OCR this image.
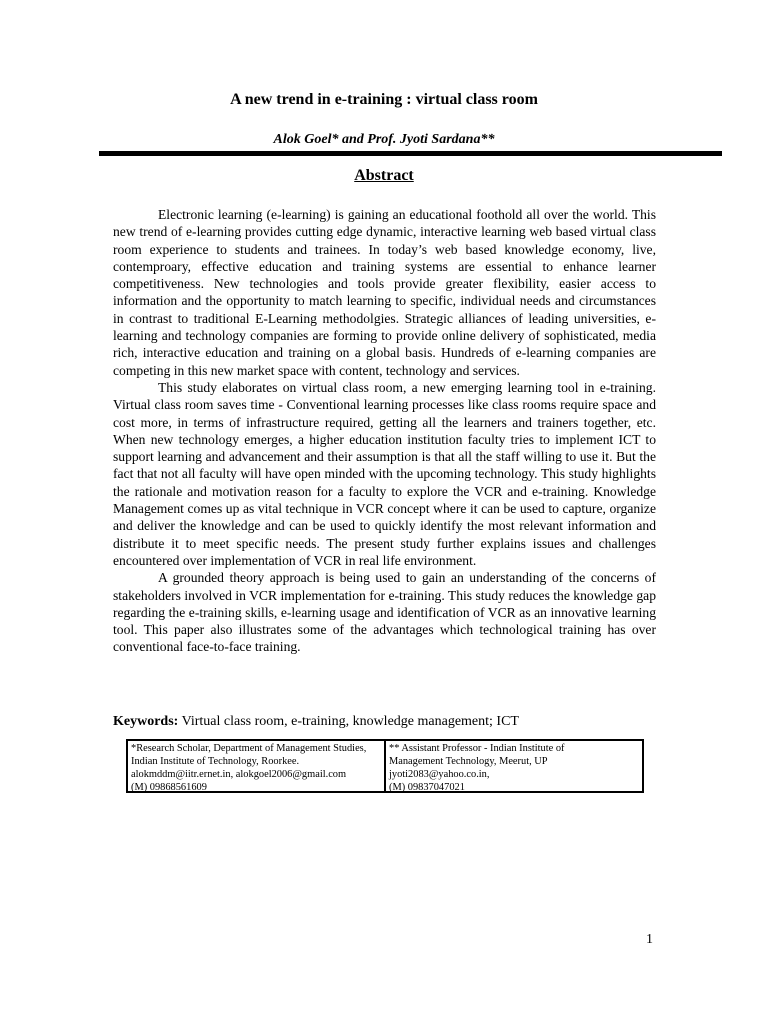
A new trend in e-training : virtual class room
Alok Goel* and Prof. Jyoti Sardana**
Abstract

Electronic learning (e-learning) is gaining an educational foothold all over the world. This new trend of e-learning provides cutting edge dynamic, interactive learning web based virtual class room experience to students and trainees. In today’s web based knowledge economy, live, contemproary, effective education and training systems are essential to enhance learner competitiveness. New technologies and tools provide greater flexibility, easier access to information and the opportunity to match learning to specific, individual needs and circumstances in contrast to traditional E-Learning methodolgies. Strategic alliances of leading universities, e-learning and technology companies are forming to provide online delivery of sophisticated, media rich, interactive education and training on a global basis. Hundreds of e-learning companies are competing in this new market space with content, technology and services.

This study elaborates on virtual class room, a new emerging learning tool in e-training. Virtual class room saves time - Conventional learning processes like class rooms require space and cost more, in terms of infrastructure required, getting all the learners and trainers together, etc. When new technology emerges, a higher education institution faculty tries to implement ICT to support learning and advancement and their assumption is that all the staff willing to use it. But the fact that not all faculty will have open minded with the upcoming technology. This study highlights the rationale and motivation reason for a faculty to explore the VCR and e-training. Knowledge Management comes up as vital technique in VCR concept where it can be used to capture, organize and deliver the knowledge and can be used to quickly identify the most relevant information and distribute it to meet specific needs. The present study further explains issues and challenges encountered over implementation of VCR in real life environment.

A grounded theory approach is being used to gain an understanding of the concerns of stakeholders involved in VCR implementation for e-training. This study reduces the knowledge gap regarding the e-training skills, e-learning usage and identification of VCR as an innovative learning tool. This paper also illustrates some of the advantages which technological training has over conventional face-to-face training.

Keywords: Virtual class room, e-training, knowledge management; ICT
*Research Scholar, Department of Management Studies,
Indian Institute of Technology, Roorkee.
alokmddm@iitr.ernet.in, alokgoel2006@gmail.com
(M) 09868561609
** Assistant Professor - Indian Institute of
Management Technology, Meerut, UP
jyoti2083@yahoo.co.in,
(M) 09837047021
1
